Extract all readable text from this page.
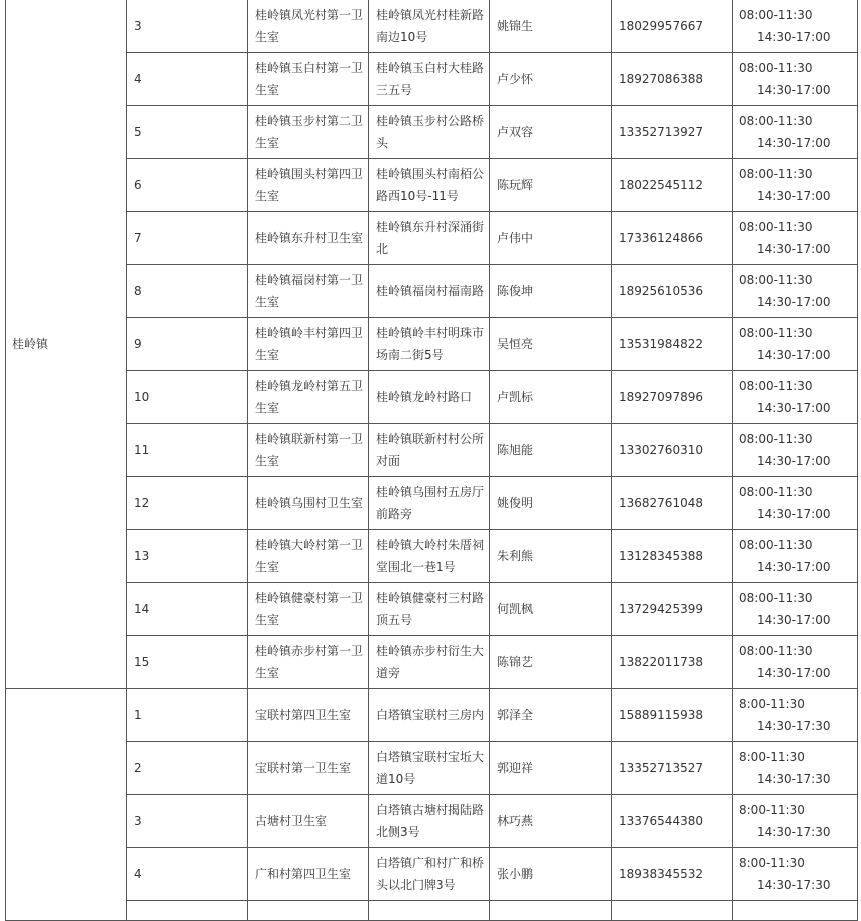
桂岭镇	3	桂岭镇凤光村第一卫生室	桂岭镇凤光村桂新路南边10号	姚锦生	18029957667	08:00-11:30
14:30-17:00

	4	桂岭镇玉白村第一卫生室	桂岭镇玉白村大桂路三五号	卢少怀	18927086388	08:00-11:30
14:30-17:00

	5	桂岭镇玉步村第二卫生室	桂岭镇玉步村公路桥头	卢双容	13352713927	08:00-11:30
14:30-17:00

	6	桂岭镇围头村第四卫生室	桂岭镇围头村南栢公路西10号-11号	陈玩辉	18022545112	08:00-11:30
14:30-17:00

	7	桂岭镇东升村卫生室	桂岭镇东升村深涌街北	卢伟中	17336124866	08:00-11:30
14:30-17:00

	8	桂岭镇福岗村第一卫生室	桂岭镇福岗村福南路	陈俊坤	18925610536	08:00-11:30
14:30-17:00

	9	桂岭镇岭丰村第四卫生室	桂岭镇岭丰村明珠市场南二街5号	吴恒亮	13531984822	08:00-11:30
14:30-17:00

	10	桂岭镇龙岭村第五卫生室	桂岭镇龙岭村路口	卢凯标	18927097896	08:00-11:30
14:30-17:00

	11	桂岭镇联新村第一卫生室	桂岭镇联新村村公所对面	陈旭能	13302760310	08:00-11:30
14:30-17:00

	12	桂岭镇乌围村卫生室	桂岭镇乌围村五房厅前路旁	姚俊明	13682761048	08:00-11:30
14:30-17:00

	13	桂岭镇大岭村第一卫生室	桂岭镇大岭村朱厝祠堂围北一巷1号	朱利熊	13128345388	08:00-11:30
14:30-17:00

	14	桂岭镇健豪村第一卫生室	桂岭镇健豪村三村路顶五号	何凯枫	13729425399	08:00-11:30
14:30-17:00

	15	桂岭镇赤步村第一卫生室	桂岭镇赤步村衍生大道旁	陈锦艺	13822011738	08:00-11:30
14:30-17:00

	1	宝联村第四卫生室	白塔镇宝联村三房内	郭泽全	15889115938	8:00-11:30
14:30-17:30

	2	宝联村第一卫生室	白塔镇宝联村宝坵大道10号	郭迎祥	13352713527	8:00-11:30
14:30-17:30

	3	古塘村卫生室	白塔镇古塘村揭陆路北侧3号	林巧燕	13376544380	8:00-11:30
14:30-17:30

	4	广和村第四卫生室	白塔镇广和村广和桥头以北门牌3号	张小鹏	18938345532	8:00-11:30
14:30-17:30
